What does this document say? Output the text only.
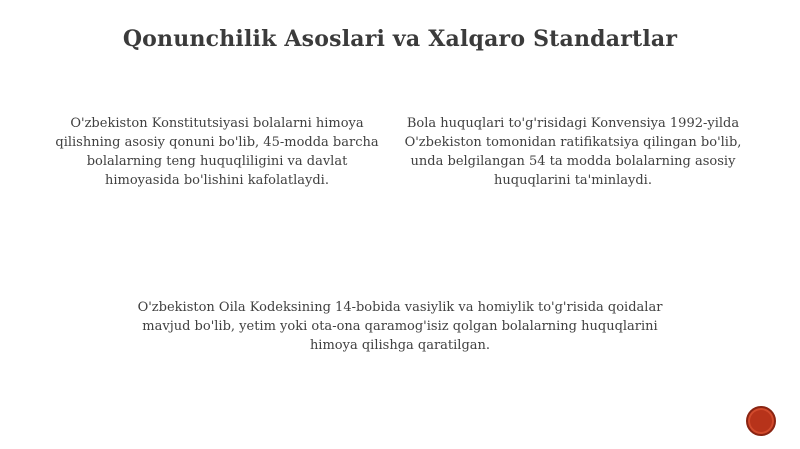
Qonunchilik Asoslari va Xalqaro Standartlar
O'zbekiston Konstitutsiyasi bolalarni himoya qilishning asosiy qonuni bo'lib, 45-modda barcha bolalarning teng huquqliligini va davlat himoyasida bo'lishini kafolatlaydi.
Bola huquqlari to'g'risidagi Konvensiya 1992-yilda O'zbekiston tomonidan ratifikatsiya qilingan bo'lib, unda belgilangan 54 ta modda bolalarning asosiy huquqlarini ta'minlaydi.
O'zbekiston Oila Kodeksining 14-bobida vasiylik va homiylik to'g'risida qoidalar mavjud bo'lib, yetim yoki ota-ona qaramog'isiz qolgan bolalarning huquqlarini himoya qilishga qaratilgan.
